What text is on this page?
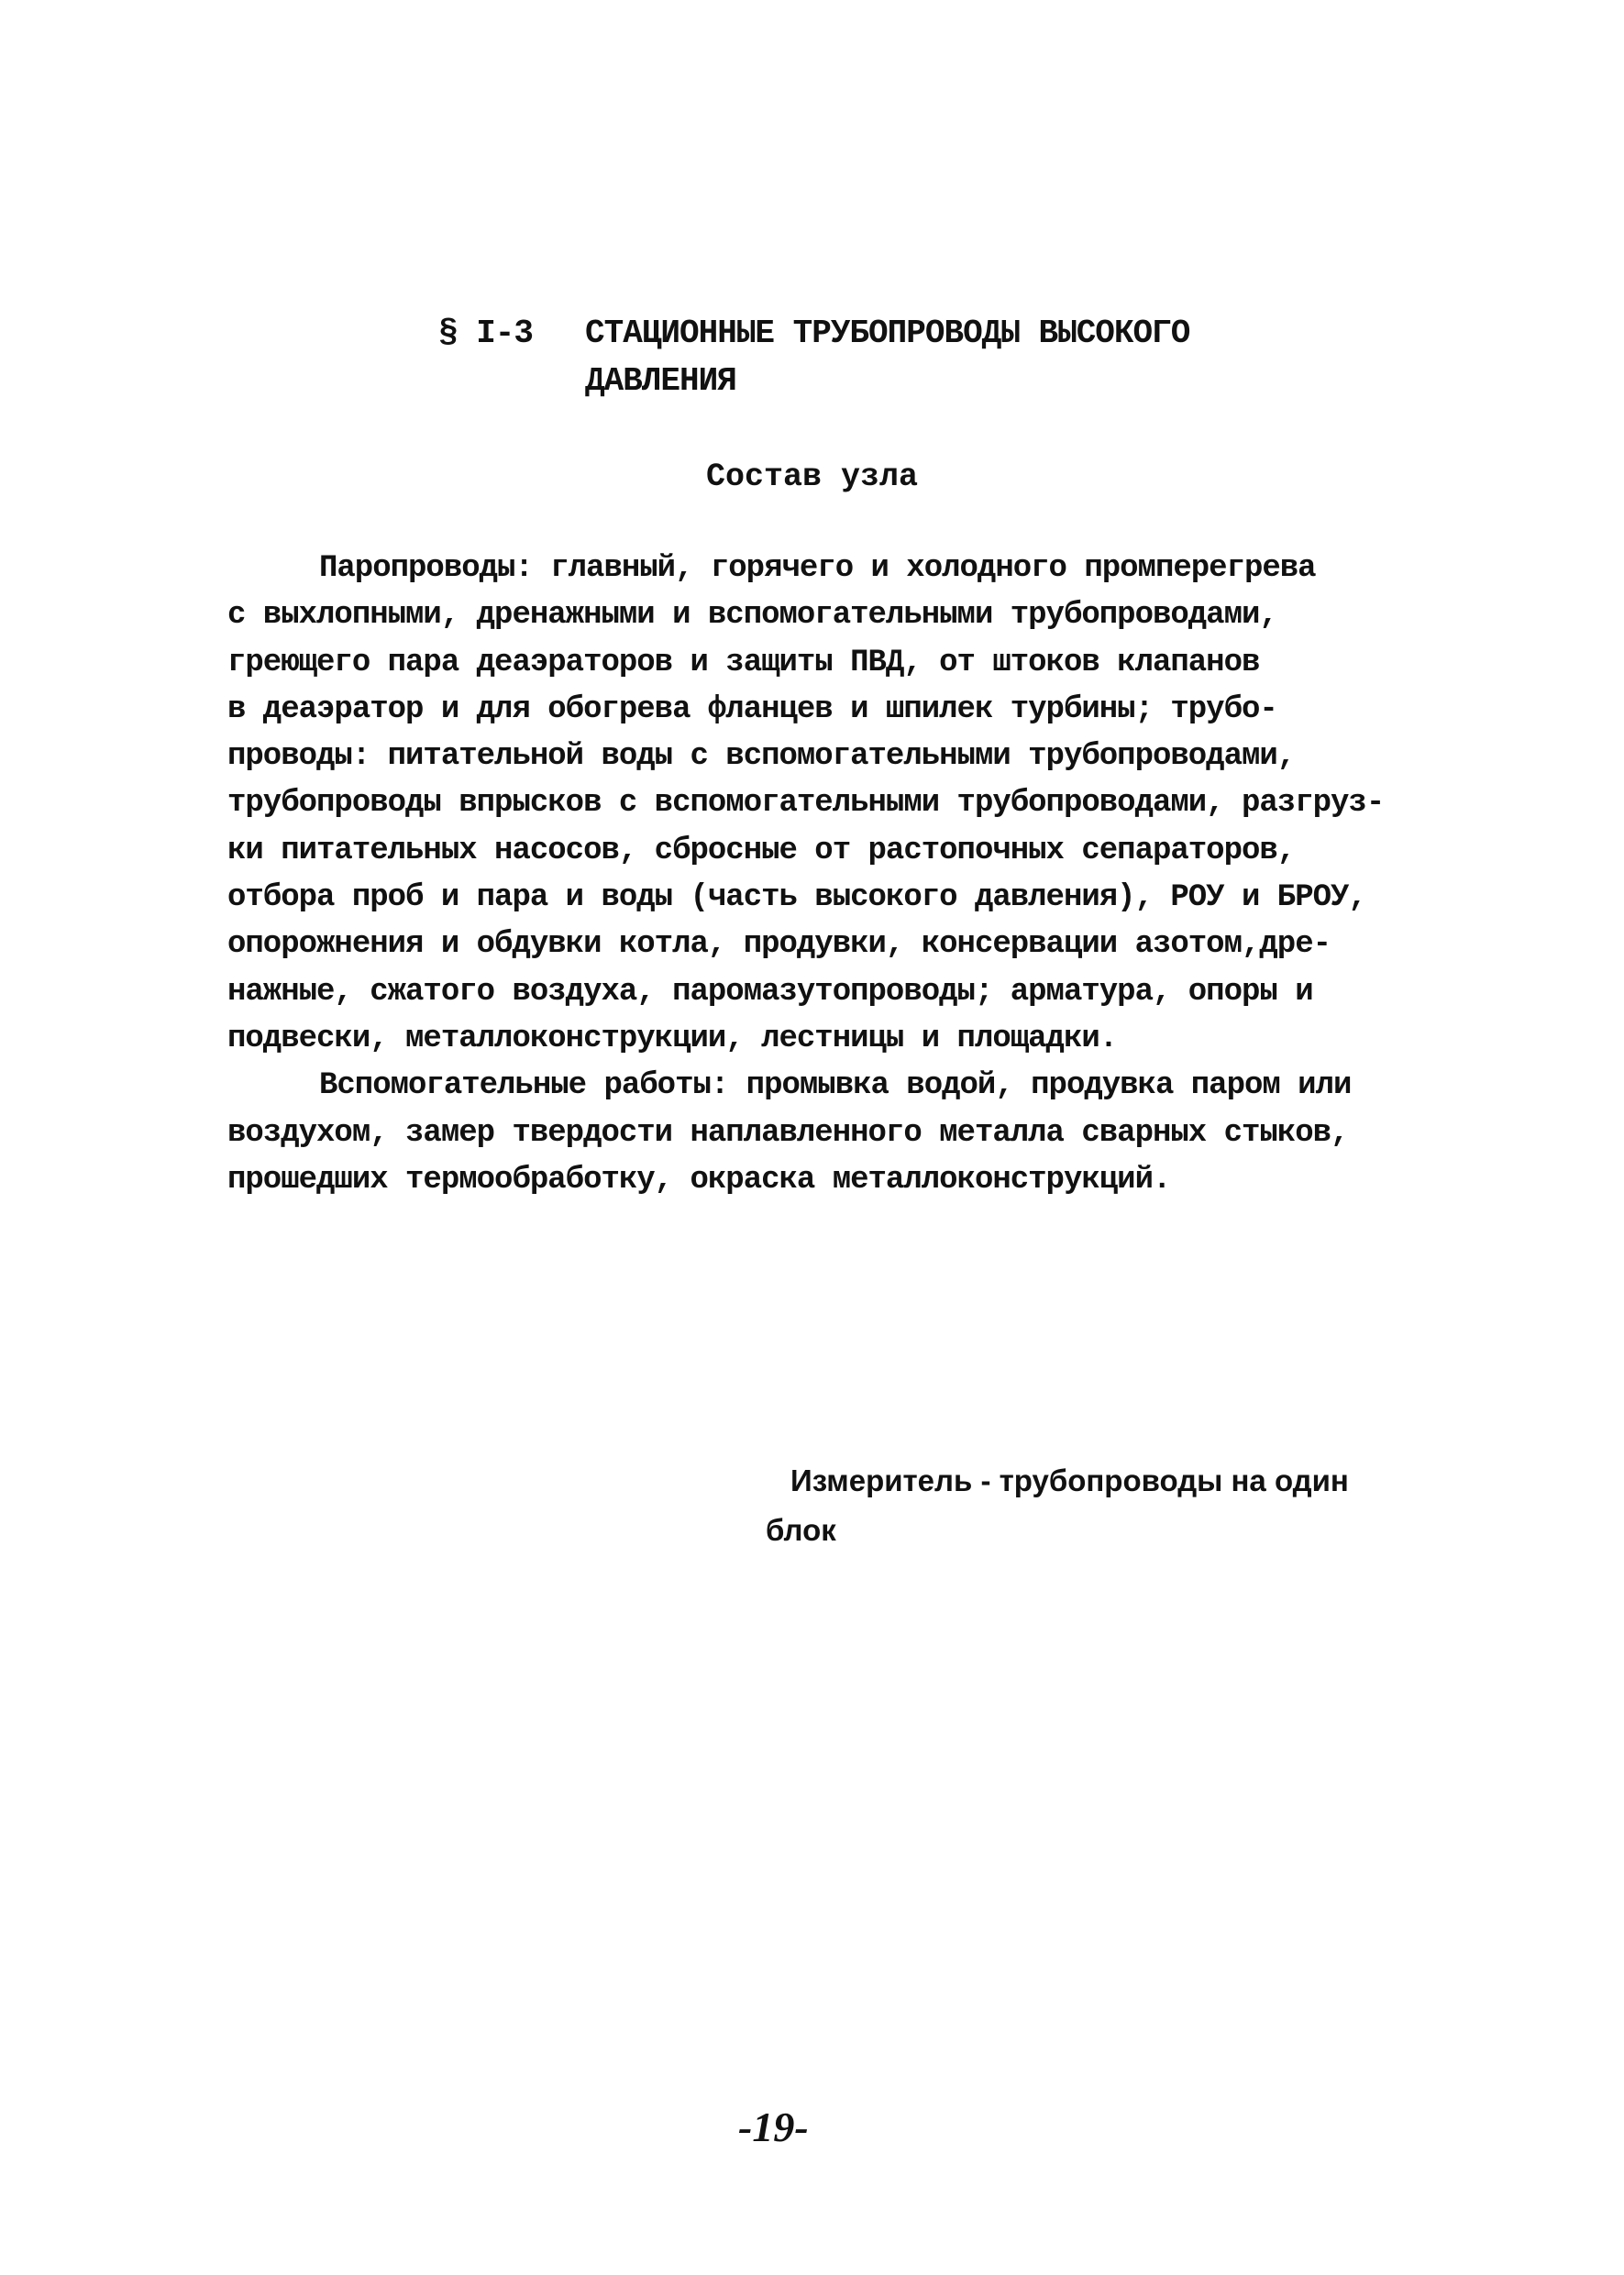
§ I-3 СТАЦИОННЫЕ ТРУБОПРОВОДЫ ВЫСОКОГО
ДАВЛЕНИЯ
Состав узла
Паропроводы: главный, горячего и холодного промперегрева
с выхлопными, дренажными и вспомогательными трубопроводами,
греющего пара деаэраторов и защиты ПВД, от штоков клапанов
в деаэратор и для обогрева фланцев и шпилек турбины; трубо-
проводы: питательной воды с вспомогательными трубопроводами,
трубопроводы впрысков с вспомогательными трубопроводами, разгруз-
ки питательных насосов, сбросные от растопочных сепараторов,
отбора проб и пара и воды (часть высокого давления), РОУ и БРОУ,
опорожнения и обдувки котла, продувки, консервации азотом,дре-
нажные, сжатого воздуха, паромазутопроводы; арматура, опоры и
подвески, металлоконструкции, лестницы и площадки.
Вспомогательные работы: промывка водой, продувка паром или
воздухом, замер твердости наплавленного металла сварных стыков,
прошедших термообработку, окраска металлоконструкций.
Измеритель - трубопроводы на один
блок
-19-
